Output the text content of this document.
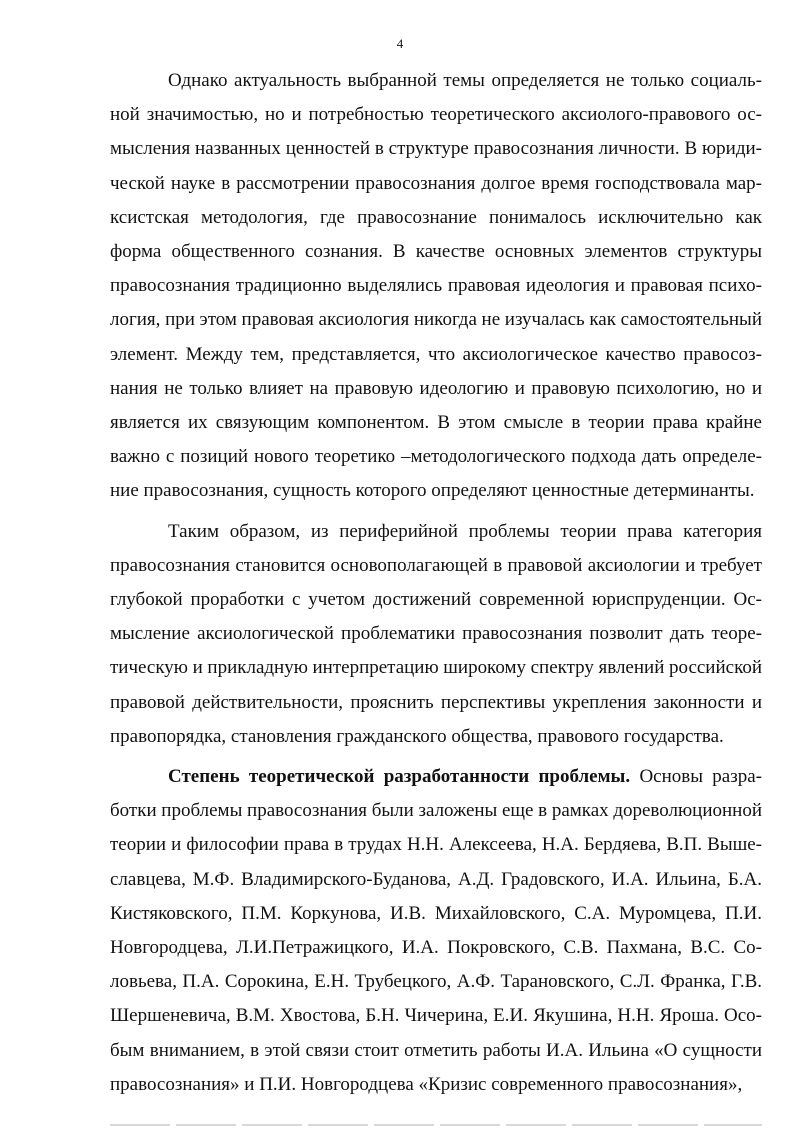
4

Однако актуальность выбранной темы определяется не только социаль-
ной значимостью, но и потребностью теоретического аксиолого-правового ос-
мысления названных ценностей в структуре правосознания личности. В юриди-
ческой науке в рассмотрении правосознания долгое время господствовала мар-
ксистская методология, где правосознание понималось исключительно как
форма общественного сознания. В качестве основных элементов структуры
правосознания традиционно выделялись правовая идеология и правовая психо-
логия, при этом правовая аксиология никогда не изучалась как самостоятельный
элемент. Между тем, представляется, что аксиологическое качество правосоз-
нания не только влияет на правовую идеологию и правовую психологию, но и
является их связующим компонентом. В этом смысле в теории права крайне
важно с позиций нового теоретико –методологического подхода дать определе-
ние правосознания, сущность которого определяют ценностные детерминанты.

Таким образом, из периферийной проблемы теории права категория
правосознания становится основополагающей в правовой аксиологии и требует
глубокой проработки с учетом достижений современной юриспруденции. Ос-
мысление аксиологической проблематики правосознания позволит дать теоре-
тическую и прикладную интерпретацию широкому спектру явлений российской
правовой действительности, прояснить перспективы укрепления законности и
правопорядка, становления гражданского общества, правового государства.

Степень теоретической разработанности проблемы. Основы разра-
ботки проблемы правосознания были заложены еще в рамках дореволюционной
теории и философии права в трудах Н.Н. Алексеева, Н.А. Бердяева, В.П. Выше-
славцева, М.Ф. Владимирского-Буданова, А.Д. Градовского, И.А. Ильина, Б.А.
Кистяковского, П.М. Коркунова, И.В. Михайловского, С.А. Муромцева, П.И.
Новгородцева, Л.И.Петражицкого, И.А. Покровского, С.В. Пахмана, В.С. Со-
ловьева, П.А. Сорокина, Е.Н. Трубецкого, А.Ф. Тарановского, С.Л. Франка, Г.В.
Шершеневича, В.М. Хвостова, Б.Н. Чичерина, Е.И. Якушина, Н.Н. Яроша. Осо-
бым вниманием, в этой связи стоит отметить работы И.А. Ильина «О сущности
правосознания» и П.И. Новгородцева «Кризис современного правосознания»,
